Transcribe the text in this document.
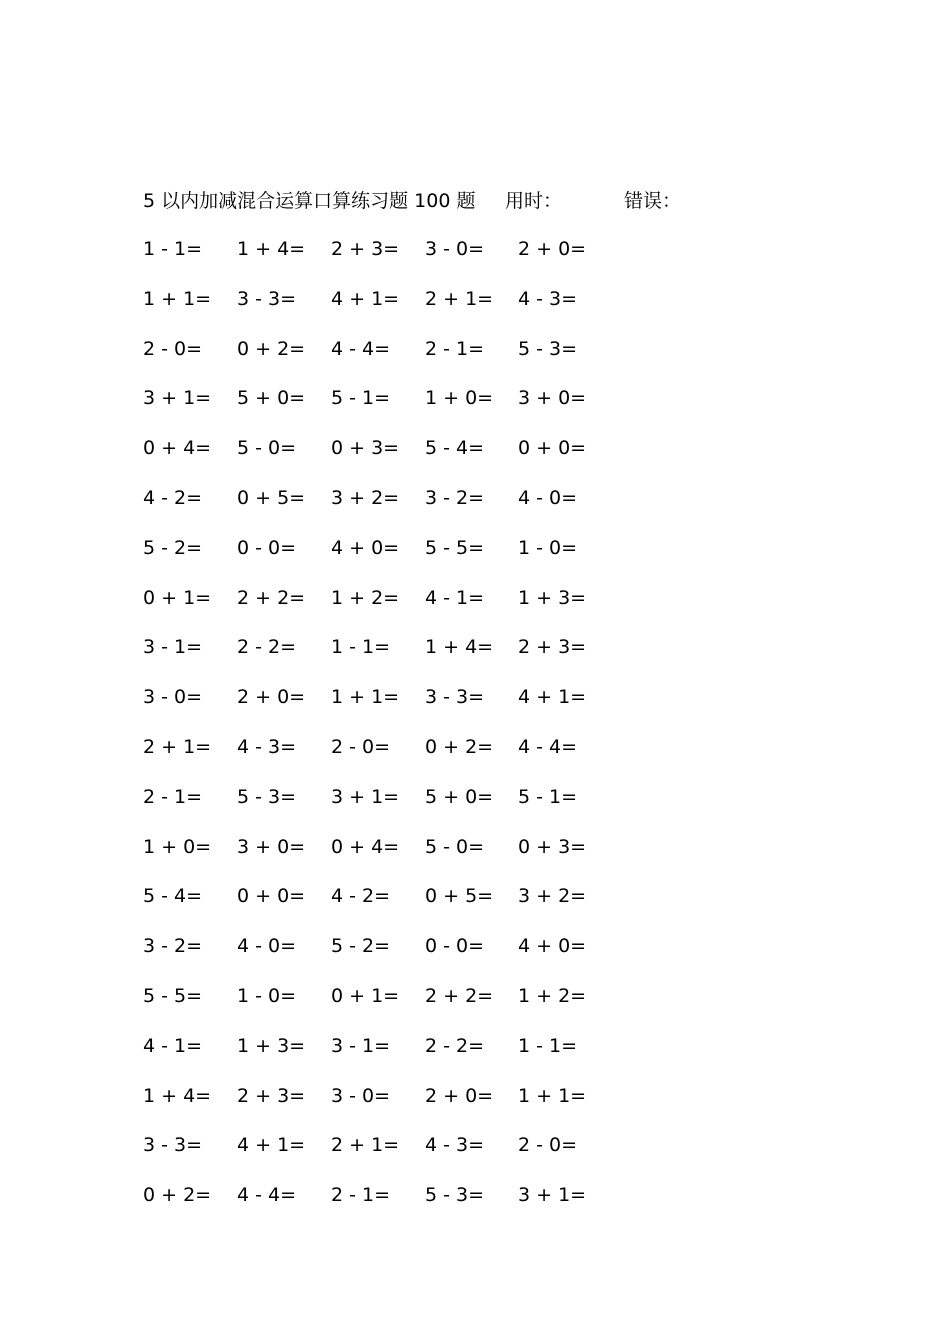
5 以内加减混合运算口算练习题 100 题 用时：	错误：
1 - 1=	1 + 4=	2 + 3=	3 - 0=	2 + 0=
1 + 1=	3 - 3=	4 + 1=	2 + 1=	4 - 3=
2 - 0=	0 + 2=	4 - 4=	2 - 1=	5 - 3=
3 + 1=	5 + 0=	5 - 1=	1 + 0=	3 + 0=
0 + 4=	5 - 0=	0 + 3=	5 - 4=	0 + 0=
4 - 2=	0 + 5=	3 + 2=	3 - 2=	4 - 0=
5 - 2=	0 - 0=	4 + 0=	5 - 5=	1 - 0=
0 + 1=	2 + 2=	1 + 2=	4 - 1=	1 + 3=
3 - 1=	2 - 2=	1 - 1=	1 + 4=	2 + 3=
3 - 0=	2 + 0=	1 + 1=	3 - 3=	4 + 1=
2 + 1=	4 - 3=	2 - 0=	0 + 2=	4 - 4=
2 - 1=	5 - 3=	3 + 1=	5 + 0=	5 - 1=
1 + 0=	3 + 0=	0 + 4=	5 - 0=	0 + 3=
5 - 4=	0 + 0=	4 - 2=	0 + 5=	3 + 2=
3 - 2=	4 - 0=	5 - 2=	0 - 0=	4 + 0=
5 - 5=	1 - 0=	0 + 1=	2 + 2=	1 + 2=
4 - 1=	1 + 3=	3 - 1=	2 - 2=	1 - 1=
1 + 4=	2 + 3=	3 - 0=	2 + 0=	1 + 1=
3 - 3=	4 + 1=	2 + 1=	4 - 3=	2 - 0=
0 + 2=	4 - 4=	2 - 1=	5 - 3=	3 + 1=
